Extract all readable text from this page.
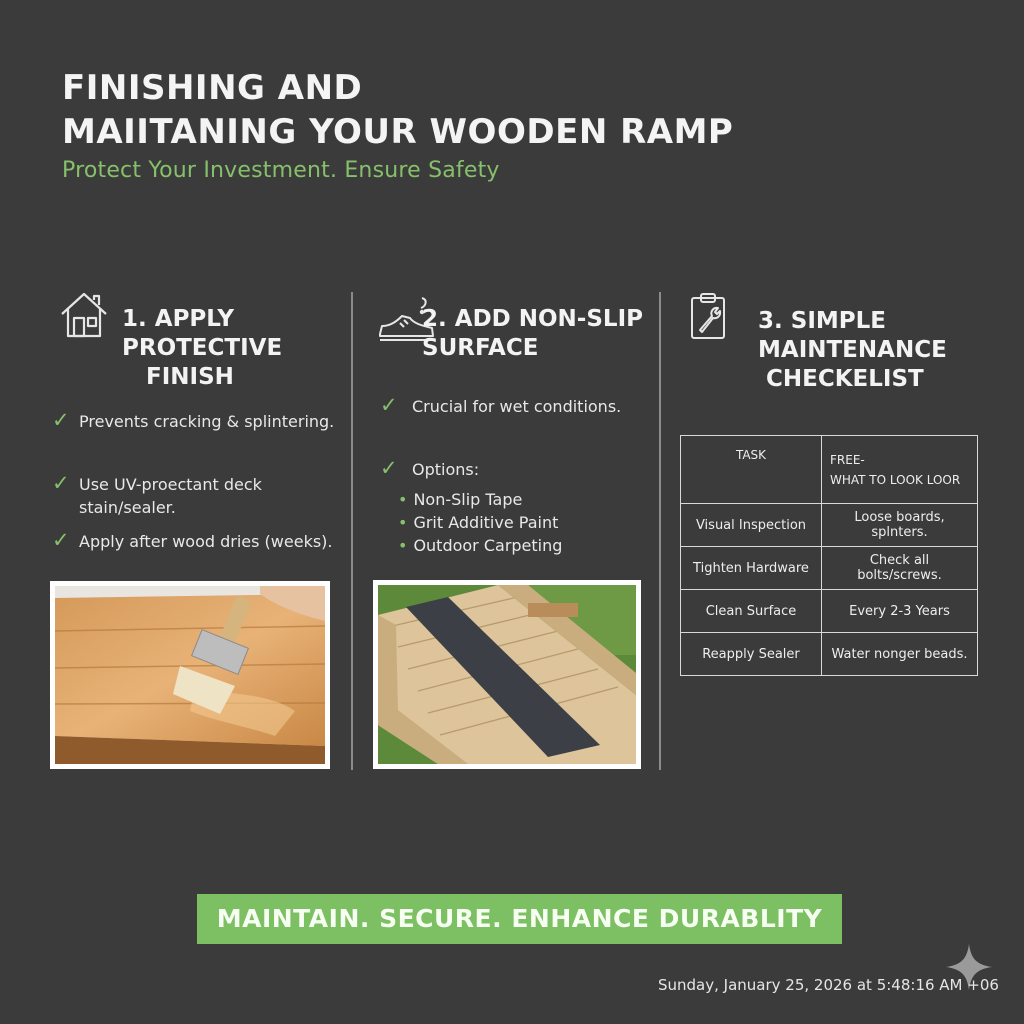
FINISHING AND
MAIITANING YOUR WOODEN RAMP

Protect Your Investment. Ensure Safety

1. APPLY
PROTECTIVE
FINISH
✓ Prevents cracking & splintering.
✓ Use UV-proectant deck
stain/sealer.
✓ Apply after wood dries (weeks).
2. ADD NON-SLIP
SURFACE
✓ Crucial for wet conditions.
✓ Options:
• Non-Slip Tape
• Grit Additive Paint
• Outdoor Carpeting
3. SIMPLE
MAINTENANCE
CHECKELIST
TASK	FREE-
WHAT TO LOOK LOOR

Visual Inspection	Loose boards, splnters.
Tighten Hardware	Check all bolts/screws.
Clean Surface	Every 2-3 Years
Reapply Sealer	Water nonger beads.
MAINTAIN. SECURE. ENHANCE DURABLITY
Sunday, January 25, 2026 at 5:48:16 AM +06
